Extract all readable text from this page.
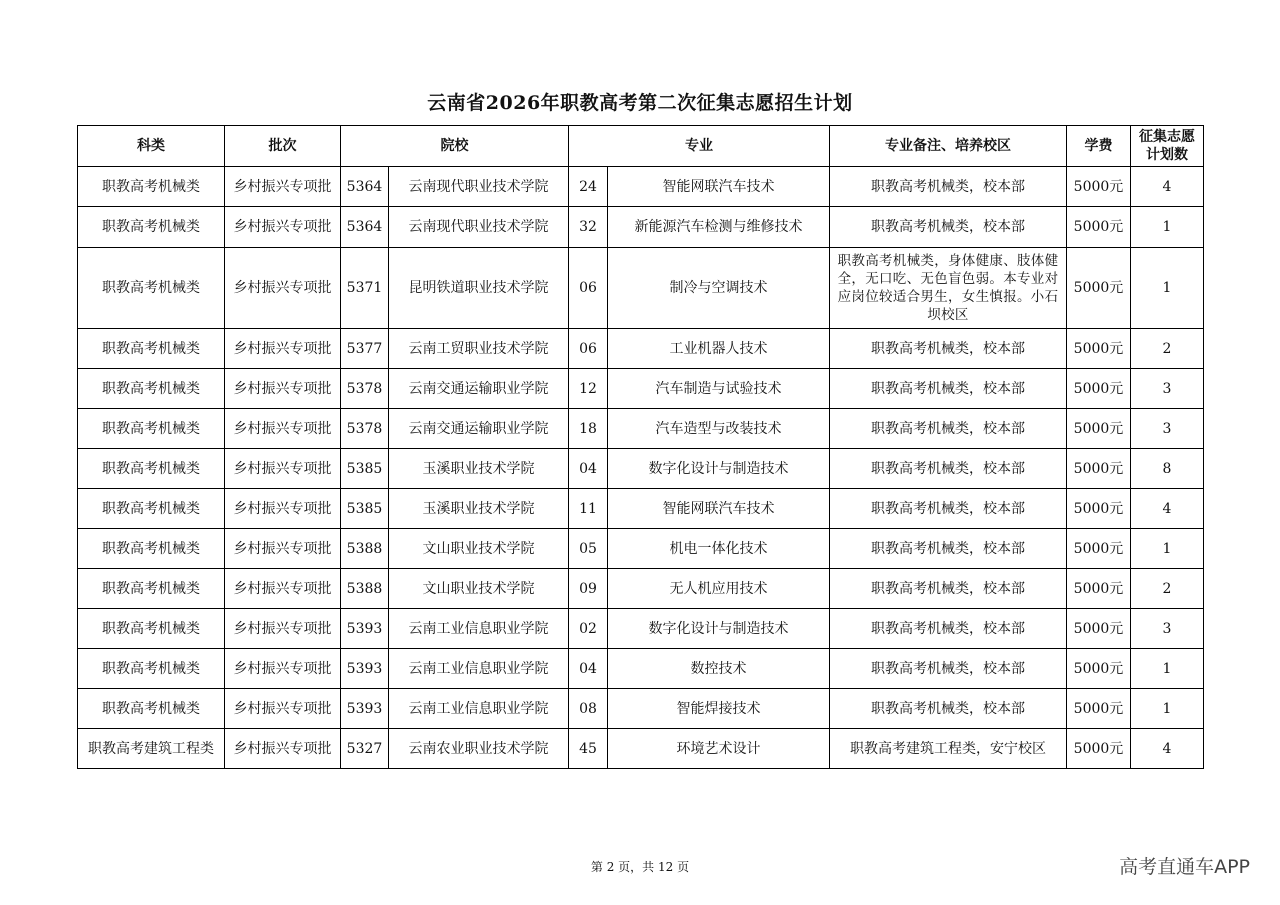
云南省2026年职教高考第二次征集志愿招生计划
科类	批次	院校		专业		专业备注、培养校区	学费	征集志愿
计划数

职教高考机械类	乡村振兴专项批	5364	云南现代职业技术学院	24	智能网联汽车技术	职教高考机械类，校本部	5000元	4
职教高考机械类	乡村振兴专项批	5364	云南现代职业技术学院	32	新能源汽车检测与维修技术	职教高考机械类，校本部	5000元	1
职教高考机械类	乡村振兴专项批	5371	昆明铁道职业技术学院	06	制冷与空调技术	职教高考机械类，身体健康、肢体健全，无口吃、无色盲色弱。本专业对应岗位较适合男生，女生慎报。小石坝校区	5000元	1
职教高考机械类	乡村振兴专项批	5377	云南工贸职业技术学院	06	工业机器人技术	职教高考机械类，校本部	5000元	2
职教高考机械类	乡村振兴专项批	5378	云南交通运输职业学院	12	汽车制造与试验技术	职教高考机械类，校本部	5000元	3
职教高考机械类	乡村振兴专项批	5378	云南交通运输职业学院	18	汽车造型与改装技术	职教高考机械类，校本部	5000元	3
职教高考机械类	乡村振兴专项批	5385	玉溪职业技术学院	04	数字化设计与制造技术	职教高考机械类，校本部	5000元	8
职教高考机械类	乡村振兴专项批	5385	玉溪职业技术学院	11	智能网联汽车技术	职教高考机械类，校本部	5000元	4
职教高考机械类	乡村振兴专项批	5388	文山职业技术学院	05	机电一体化技术	职教高考机械类，校本部	5000元	1
职教高考机械类	乡村振兴专项批	5388	文山职业技术学院	09	无人机应用技术	职教高考机械类，校本部	5000元	2
职教高考机械类	乡村振兴专项批	5393	云南工业信息职业学院	02	数字化设计与制造技术	职教高考机械类，校本部	5000元	3
职教高考机械类	乡村振兴专项批	5393	云南工业信息职业学院	04	数控技术	职教高考机械类，校本部	5000元	1
职教高考机械类	乡村振兴专项批	5393	云南工业信息职业学院	08	智能焊接技术	职教高考机械类，校本部	5000元	1
职教高考建筑工程类	乡村振兴专项批	5327	云南农业职业技术学院	45	环境艺术设计	职教高考建筑工程类，安宁校区	5000元	4
第 2 页，共 12 页	高考直通车APP
